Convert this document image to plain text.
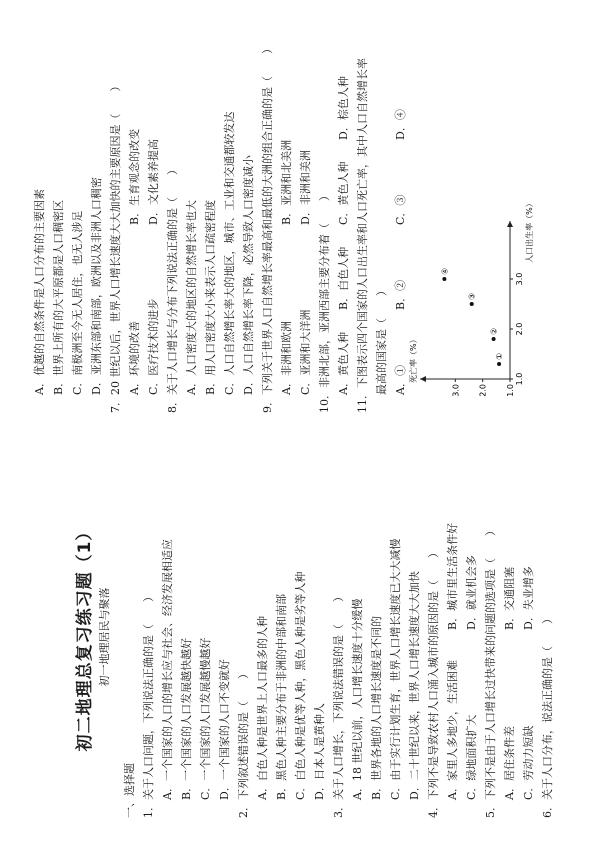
初二地理总复习练习题（1） 初一地理居民与聚落
一、选择题 1．关于人口问题，下列说法正确的是（　　） A．一个国家的人口的增长应与社会、经济发展相适应 B．一个国家的人口发展越快越好 C．一个国家的人口发展越慢越好 D．一个国家的人口不变就好 2．下列叙述错误的是（　　） A．白色人种是世界上人口最多的人种 B．黑色人种主要分布于非洲的中部和南部 C．白色人种是优等人种，黑色人种是劣等人种 D．日本人是黄种人 3．关于人口增长，下列说法错误的是（　　） A．18 世纪以前，人口增长速度十分缓慢 B．世界各地的人口增长速度是不同的 C．由于实行计划生育，世界人口增长速度已大大减慢 D．二十世纪以来，世界人口增长速度大大加快 4．下列不是导致农村人口涌入城市的原因的是（　　） A．家里人多地少，生活困难
B．城市里生活条件好
C．绿地面积扩大
D．就业机会多 5．下列不是由于人口增长过快带来的问题的选项是（　　） A．居住条件差
B．交通阻塞
C．劳动力短缺
D．失业增多
6．关于人口分布，说法正确的是（　　）
A．优越的自然条件是人口分布的主要因素 B．世界上所有的大平原都是人口稠密区 C．南极洲至今无人居住，也无人涉足 D．亚洲东部和南部，欧洲以及非洲人口稠密 7．20 世纪以后，世界人口增长速度大大加快的主要原因是（　　） A．环境的改善
B．生育观念的改变
C．医疗技术的进步
D．文化素养提高 8．关于人口增长与分布下列说法正确的是（　　） A．人口密度大的地区的自然增长率也大 B．用人口密度大小来表示人口疏密程度 C．人口自然增长率大的地区，城市、工业和交通都较发达 D．人口自然增长率下降，必然导致人口密度减小 9．下列关于世界人口自然增长率最高和最低的大洲的组合正确的是（　　） A．非洲和欧洲
B．亚洲和北美洲
C．亚洲和大洋洲
D．非洲和美洲
10．非洲北部，亚洲西部主要分布着（　　） A．黄色人种
B．白色人种
C．黄色人种
D．棕色人种 11．下图表示四个国家的人口出生率和人口死亡率，其中人口自然增长率 最高的国家是（　　） A．①
B．②
C．③
D．④
1.0
2.0
3.0
1.0
2.0
3.0
死亡率（%）
人口出生率（%）
①
②
③
④
